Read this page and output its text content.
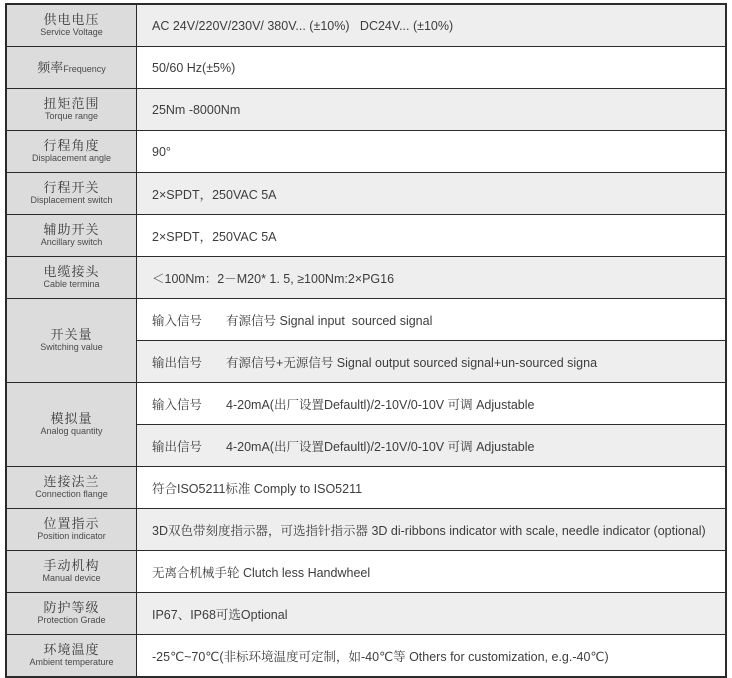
供电电压
Service Voltage	AC 24V/220V/230V/ 380V... (±10%)   DC24V... (±10%)
频率Frequency	50/60 Hz(±5%)

扭矩范围
Torque range	25Nm -8000Nm

行程角度
Displacement angle	90°

行程开关
Displacement switch	2×SPDT，250VAC 5A

辅助开关
Ancillary switch	2×SPDT，250VAC 5A

电缆接头
Cable termina	＜100Nm：2－M20* 1. 5, ≥100Nm:2×PG16

开关量
Switching value	输入信号 有源信号 Signal input  sourced signal
	输出信号 有源信号+无源信号 Signal output sourced signal+un-sourced signa

模拟量
Analog quantity	输入信号 4-20mA(出厂设置Defaultl)/2-10V/0-10V 可调 Adjustable
	输出信号 4-20mA(出厂设置Defaultl)/2-10V/0-10V 可调 Adjustable

连接法兰
Connection flange	符合ISO5211标准 Comply to ISO5211

位置指示
Position indicator	3D双色带刻度指示器，可选指针指示器 3D di-ribbons indicator with scale, needle indicator (optional)

手动机构
Manual device	无离合机械手轮 Clutch less Handwheel

防护等级
Protection Grade	IP67、IP68可选Optional

环境温度
Ambient temperature	-25℃~70℃(非标环境温度可定制，如-40℃等 Others for customization, e.g.-40℃)
